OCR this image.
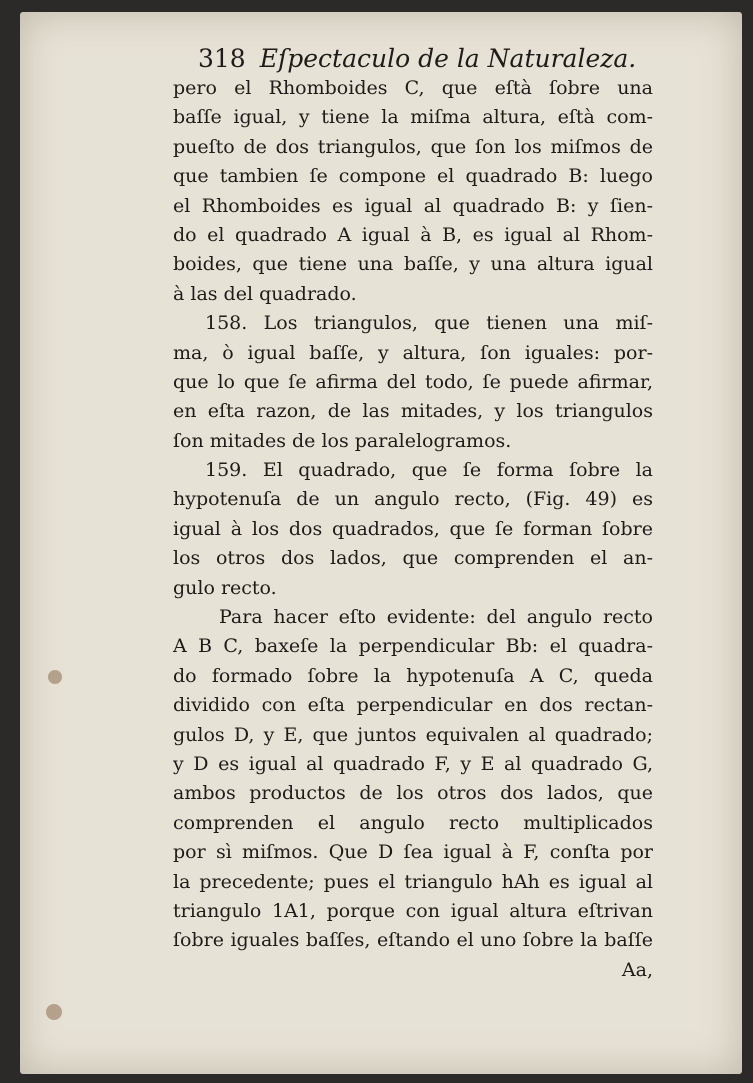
318 Eſpectaculo de la Naturaleza.
pero el Rhomboides C, que eſtà ſobre una
baſſe igual, y tiene la miſma altura, eſtà com-
pueſto de dos triangulos, que ſon los miſmos de
que tambien ſe compone el quadrado B: luego
el Rhomboides es igual al quadrado B: y ſien-
do el quadrado A igual à B, es igual al Rhom-
boides, que tiene una baſſe, y una altura igual
à las del quadrado.
158. Los triangulos, que tienen una miſ-
ma, ò igual baſſe, y altura, ſon iguales: por-
que lo que ſe afirma del todo, ſe puede afirmar,
en eſta razon, de las mitades, y los triangulos
ſon mitades de los paralelogramos.
159. El quadrado, que ſe forma ſobre la
hypotenuſa de un angulo recto, (Fig. 49) es
igual à los dos quadrados, que ſe forman ſobre
los otros dos lados, que comprenden el an-
gulo recto.
Para hacer eſto evidente: del angulo recto
A B C, baxeſe la perpendicular Bb: el quadra-
do formado ſobre la hypotenuſa A C, queda
dividido con eſta perpendicular en dos rectan-
gulos D, y E, que juntos equivalen al quadrado;
y D es igual al quadrado F, y E al quadrado G,
ambos productos de los otros dos lados, que
comprenden el angulo recto multiplicados
por sì miſmos. Que D ſea igual à F, conſta por
la precedente; pues el triangulo hAh es igual al
triangulo 1A1, porque con igual altura eſtrivan
ſobre iguales baſſes, eſtando el uno ſobre la baſſe
Aa,
